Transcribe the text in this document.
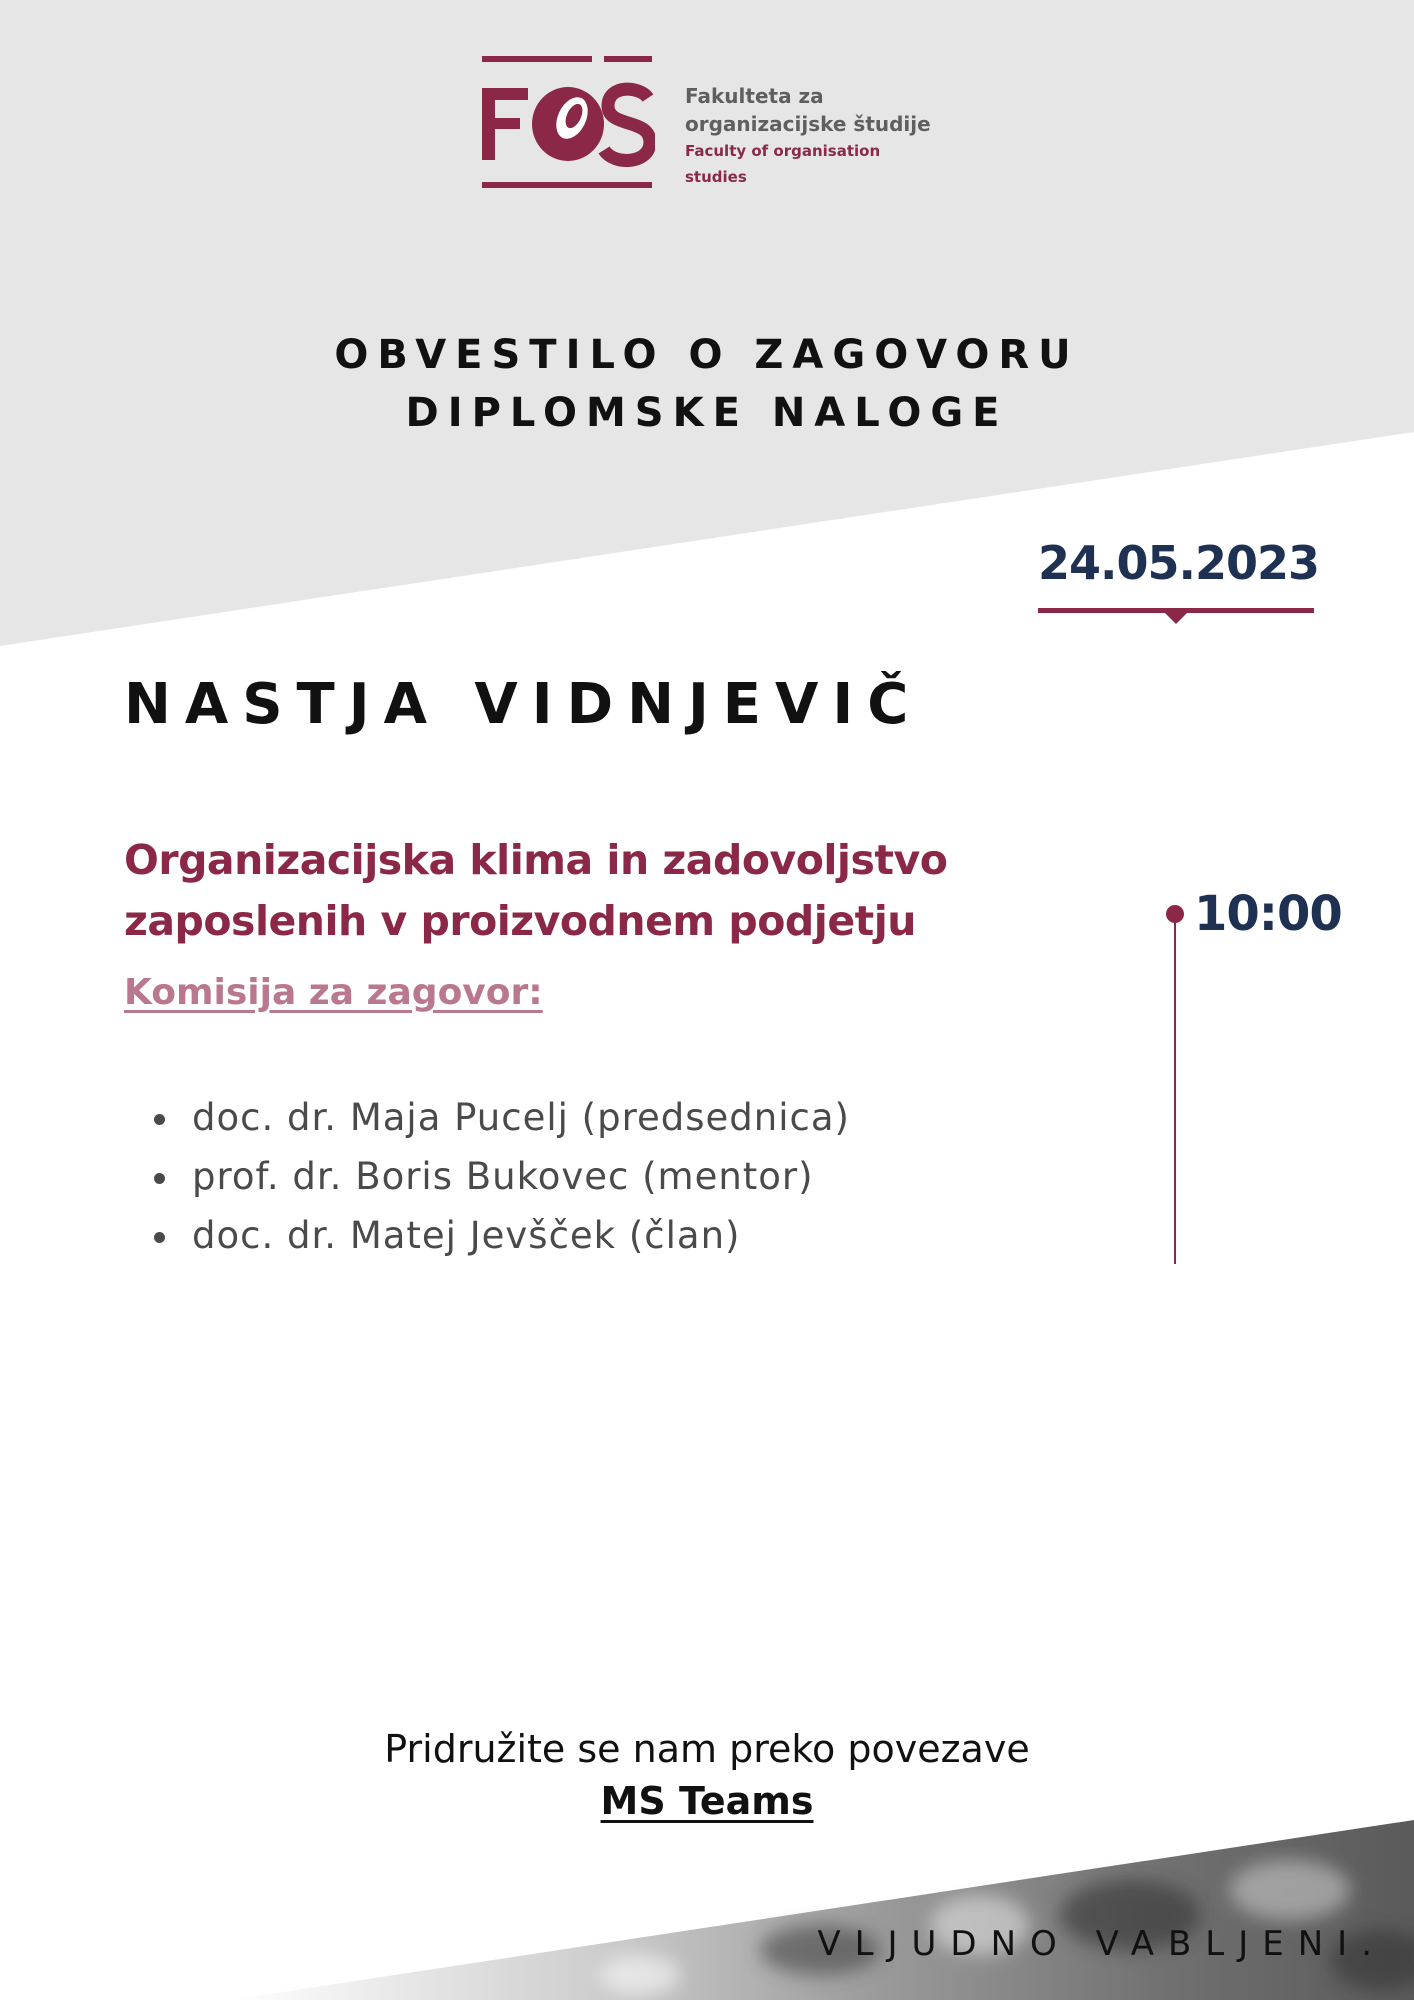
Fakulteta za
organizacijske študije
Faculty of organisation studies
OBVESTILO O ZAGOVORU
DIPLOMSKE NALOGE
24.05.2023
NASTJA VIDNJEVIČ
Organizacijska klima in zadovoljstvo zaposlenih v proizvodnem podjetju
Komisija za zagovor:
doc. dr. Maja Pucelj (predsednica)
prof. dr. Boris Bukovec (mentor)
doc. dr. Matej Jevšček (član)
10:00
Pridružite se nam preko povezave
MS Teams
VLJUDNO VABLJENI.
